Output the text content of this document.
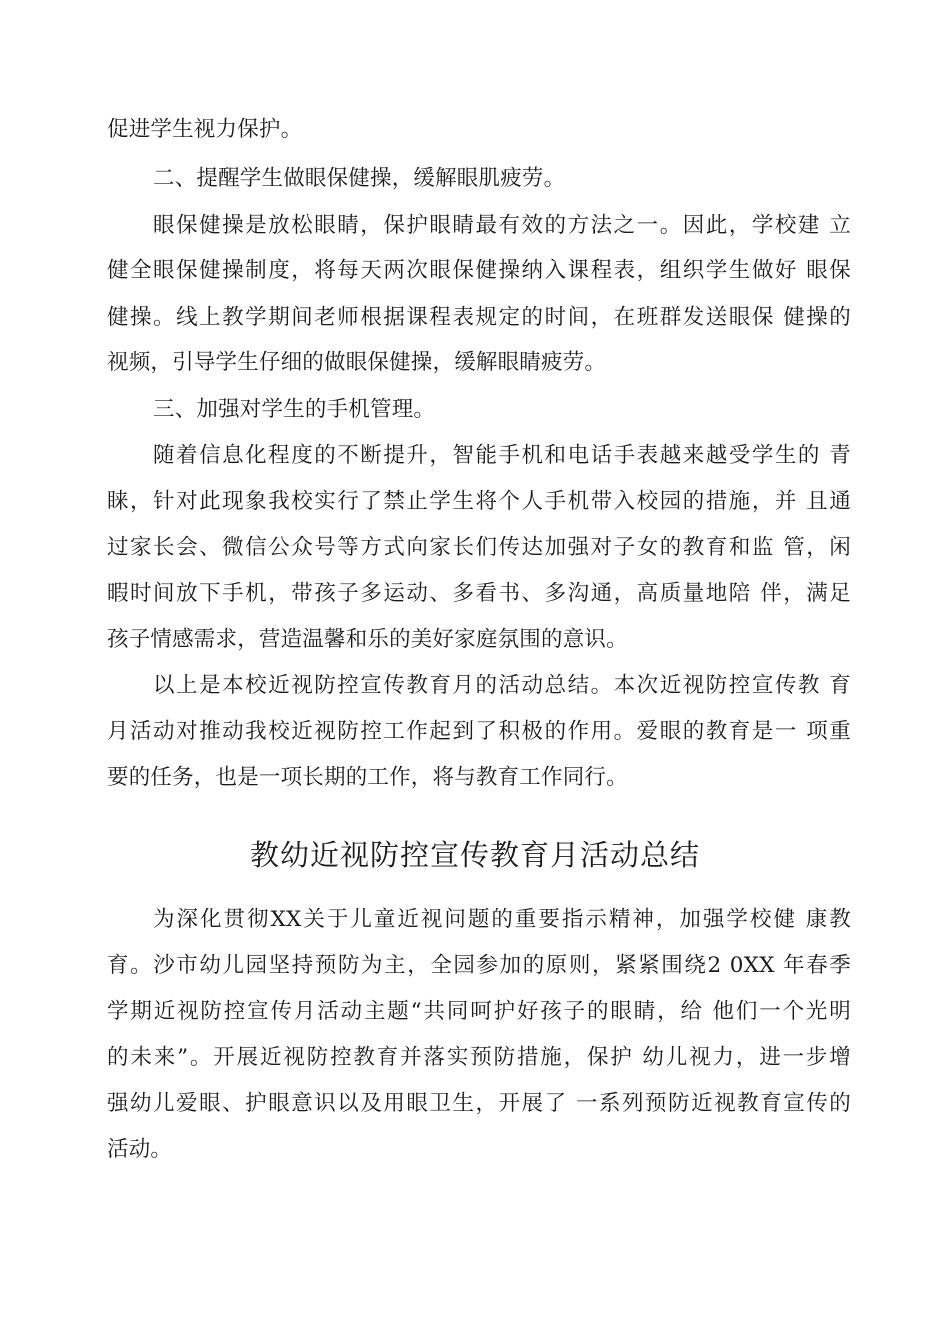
促进学生视力保护。
二、提醒学生做眼保健操，缓解眼肌疲劳。
眼保健操是放松眼睛，保护眼睛最有效的方法之一。因此，学校建 立
健全眼保健操制度，将每天两次眼保健操纳入课程表，组织学生做好 眼保
健操。线上教学期间老师根据课程表规定的时间，在班群发送眼保 健操的
视频，引导学生仔细的做眼保健操，缓解眼睛疲劳。
三、加强对学生的手机管理。
随着信息化程度的不断提升，智能手机和电话手表越来越受学生的 青
睐，针对此现象我校实行了禁止学生将个人手机带入校园的措施，并 且通
过家长会、微信公众号等方式向家长们传达加强对子女的教育和监 管，闲
暇时间放下手机，带孩子多运动、多看书、多沟通，高质量地陪 伴，满足
孩子情感需求，营造温馨和乐的美好家庭氛围的意识。
以上是本校近视防控宣传教育月的活动总结。本次近视防控宣传教 育
月活动对推动我校近视防控工作起到了积极的作用。爱眼的教育是一 项重
要的任务，也是一项长期的工作，将与教育工作同行。
教幼近视防控宣传教育月活动总结
为深化贯彻XX关于儿童近视问题的重要指示精神，加强学校健 康教
育。沙市幼儿园坚持预防为主，全园参加的原则，紧紧围绕2 0XX 年春季
学期近视防控宣传月活动主题“共同呵护好孩子的眼睛，给 他们一个光明
的未来”。开展近视防控教育并落实预防措施，保护 幼儿视力，进一步增
强幼儿爱眼、护眼意识以及用眼卫生，开展了 一系列预防近视教育宣传的
活动。
